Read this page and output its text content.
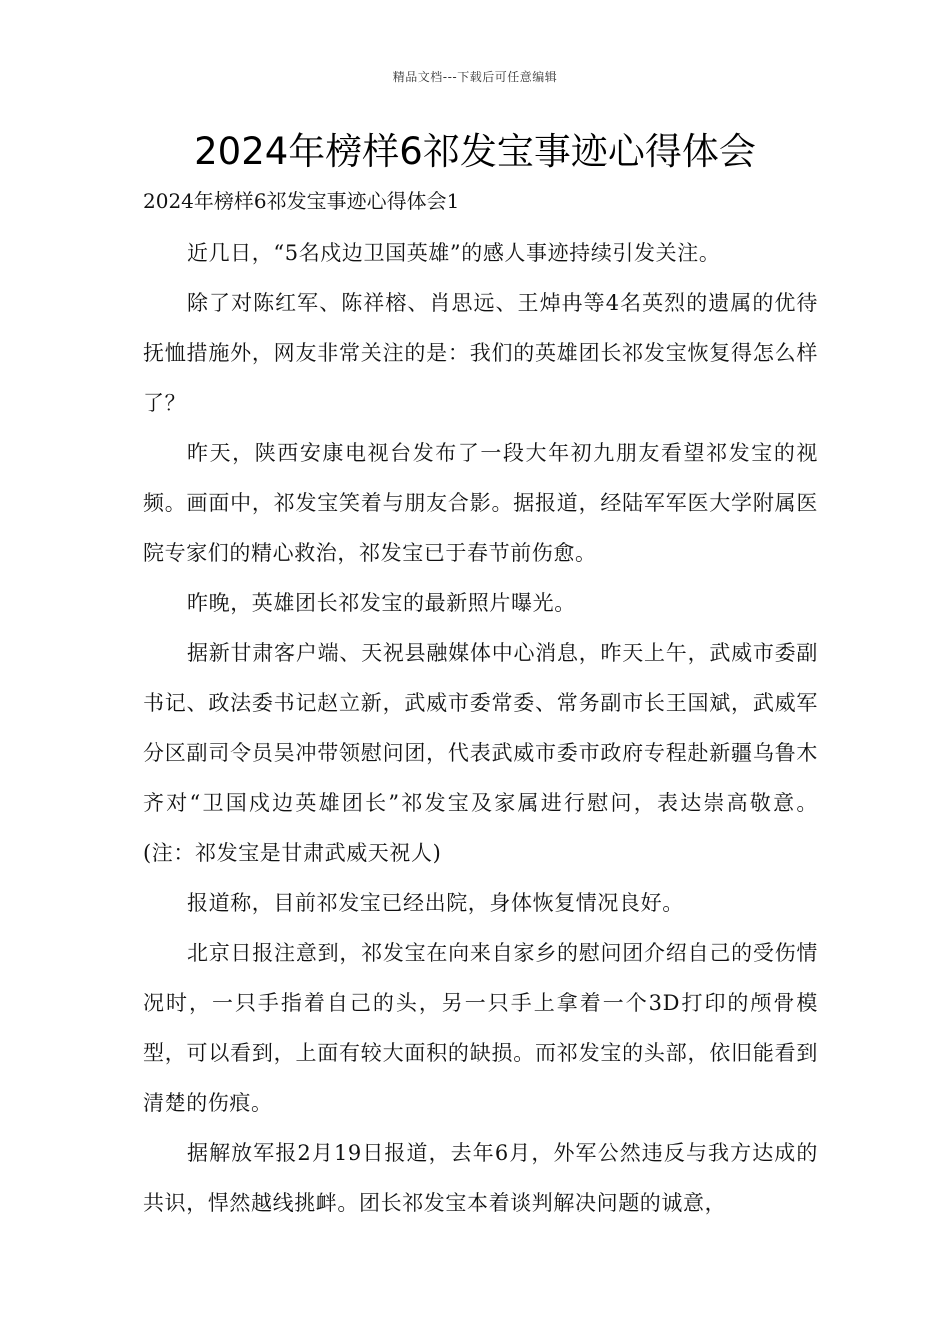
精品文档---下载后可任意编辑
2024年榜样6祁发宝事迹心得体会

2024年榜样6祁发宝事迹心得体会1

近几日，“5名戍边卫国英雄”的感人事迹持续引发关注。

除了对陈红军、陈祥榕、肖思远、王焯冉等4名英烈的遗属的优待抚恤措施外，网友非常关注的是：我们的英雄团长祁发宝恢复得怎么样了？

昨天，陕西安康电视台发布了一段大年初九朋友看望祁发宝的视频。画面中，祁发宝笑着与朋友合影。据报道，经陆军军医大学附属医院专家们的精心救治，祁发宝已于春节前伤愈。

昨晚，英雄团长祁发宝的最新照片曝光。

据新甘肃客户端、天祝县融媒体中心消息，昨天上午，武威市委副书记、政法委书记赵立新，武威市委常委、常务副市长王国斌，武威军分区副司令员吴冲带领慰问团，代表武威市委市政府专程赴新疆乌鲁木齐对“卫国戍边英雄团长”祁发宝及家属进行慰问，表达崇高敬意。(注：祁发宝是甘肃武威天祝人)

报道称，目前祁发宝已经出院，身体恢复情况良好。

北京日报注意到，祁发宝在向来自家乡的慰问团介绍自己的受伤情况时，一只手指着自己的头，另一只手上拿着一个3D打印的颅骨模型，可以看到，上面有较大面积的缺损。而祁发宝的头部，依旧能看到清楚的伤痕。

据解放军报2月19日报道，去年6月，外军公然违反与我方达成的共识，悍然越线挑衅。团长祁发宝本着谈判解决问题的诚意，
